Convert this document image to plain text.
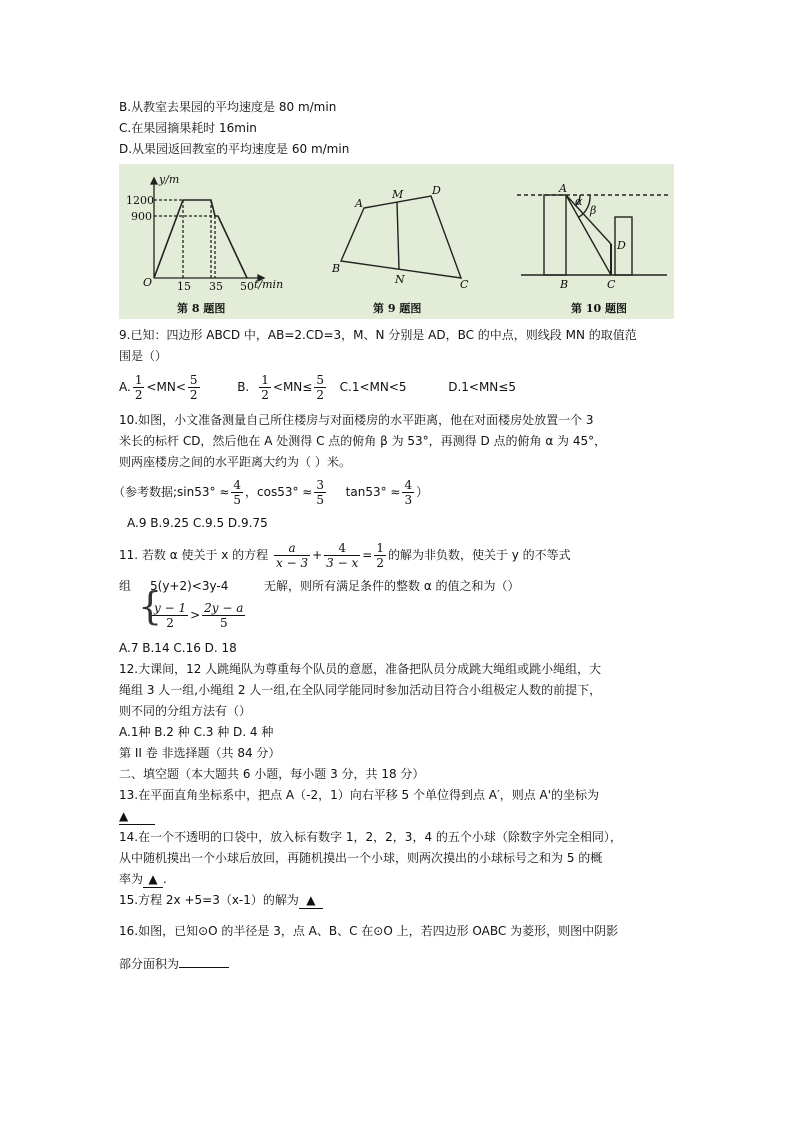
B.从教室去果园的平均速度是 80 m/min
C.在果园摘果耗时 16min
D.从果园返回教室的平均速度是 60 m/min
y/m
1200
900
O 15 35 50 t/min
第 8 题图
A
M	D
B
N	C
第 9 题图
A
α
β
D
B	C
第 10 题图
9.已知：四边形 ABCD 中，AB=2.CD=3，M、N 分别是 AD，BC 的中点，则线段 MN 的取值范
围是（）
A. $\frac{1}{2} <MN< \frac{5}{2}$	B. $\frac{1}{2} <MN\le \frac{5}{2} C.1<MN<5$	D.1<MN≤5
10.如图，小文准备测量自己所住楼房与对面楼房的水平距离，他在对面楼房处放置一个 3
米长的标杆 CD，然后他在 A 处测得 C 点的俯角 β 为 53°，再测得 D 点的俯角 α 为 45°，
则两座楼房之间的水平距离大约为（ ）米。
（参考数据;sin53° ≈ $\frac{4}{5}$ ，$\cos 53^\circ \approx \frac{3}{5} \tan 53^\circ \approx \frac{4}{3}$ ）
A.9 B.9.25 C.9.5 D.9.75
11. 若数 α 使关于 x 的方程 $\frac{a}{x - 3} + \frac{4}{3 - x} = \frac{1}{2}$ 的解为非负数，使关于 y 的不等式
组 {
5(y+2)<3y-4	无解，则所有满足条件的整数 α 的值之和为（）
$\frac{y - 1}{2} > \frac{2y - a}{5}$
A.7 B.14 C.16 D. 18
12.大课间，12 人跳绳队为尊重每个队员的意愿，准备把队员分成跳大绳组或跳小绳组，大
绳组 3 人一组,小绳组 2 人一组,在全队同学能同时参加活动目符合小组极定人数的前提下，
则不同的分组方法有（）
A.1种 B.2 种 C.3 种 D. 4 种
第 II 卷 非选择题（共 84 分）
二、填空题（本大题共 6 小题，每小题 3 分，共 18 分）
13.在平面直角坐标系中，把点 A（-2，1）向右平移 5 个单位得到点 A′，则点 A'的坐标为
▲
14.在一个不透明的口袋中，放入标有数字 1，2，2，3，4 的五个小球（除数字外完全相同），
从中随机摸出一个小球后放回，再随机摸出一个小球，则两次摸出的小球标号之和为 5 的概
率为 ▲ .
15.方程 2x +5=3（x-1）的解为 ▲
16.如图，已知⊙O 的半径是 3，点 A、B、C 在⊙O 上，若四边形 OABC 为菱形，则图中阴影
部分面积为
